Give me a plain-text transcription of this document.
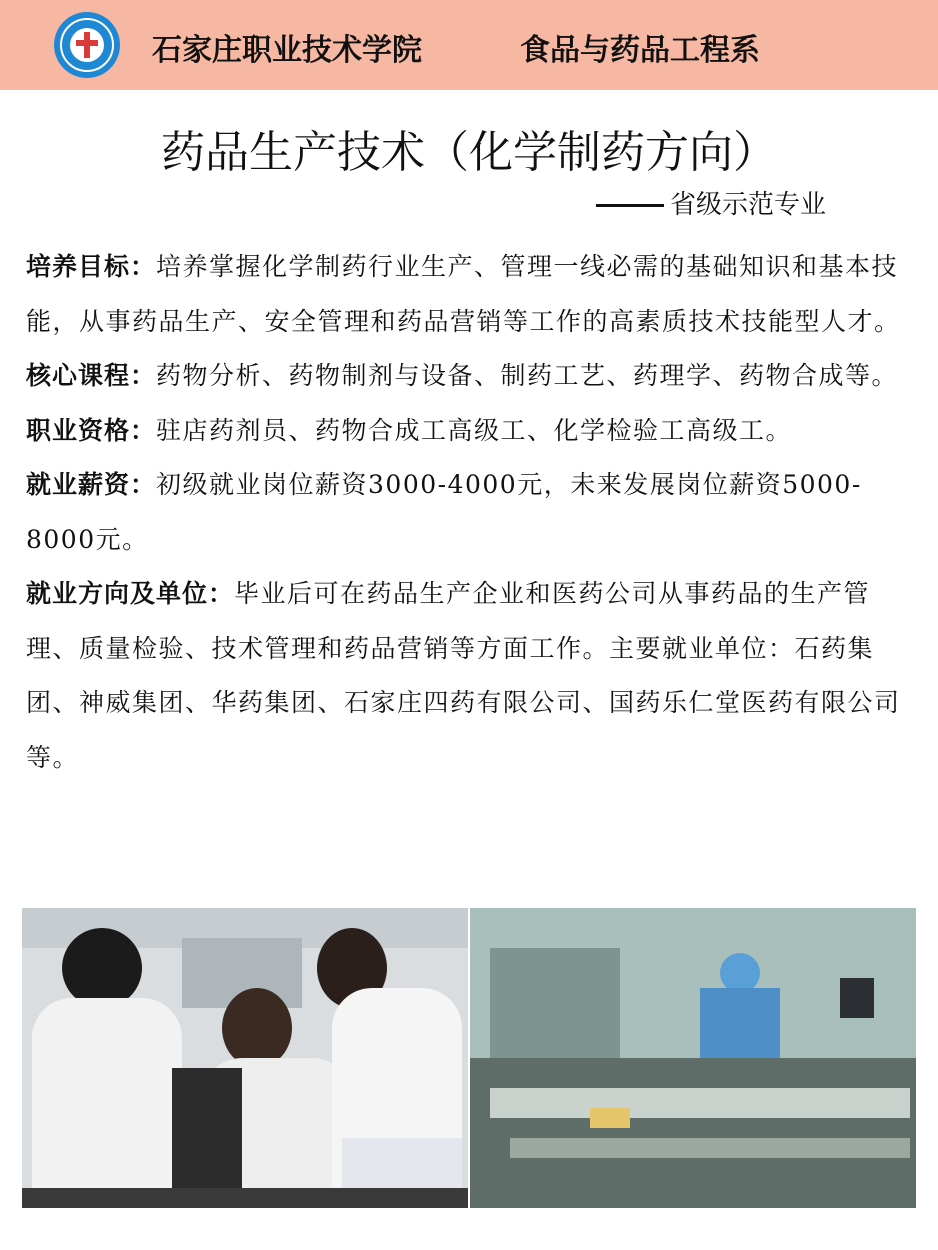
石家庄职业技术学院	食品与药品工程系
药品生产技术（化学制药方向）
省级示范专业

培养目标：培养掌握化学制药行业生产、管理一线必需的基础知识和基本技能，从事药品生产、安全管理和药品营销等工作的高素质技术技能型人才。

核心课程：药物分析、药物制剂与设备、制药工艺、药理学、药物合成等。

职业资格：驻店药剂员、药物合成工高级工、化学检验工高级工。

就业薪资：初级就业岗位薪资3000-4000元，未来发展岗位薪资5000-8000元。

就业方向及单位：毕业后可在药品生产企业和医药公司从事药品的生产管理、质量检验、技术管理和药品营销等方面工作。主要就业单位：石药集团、神威集团、华药集团、石家庄四药有限公司、国药乐仁堂医药有限公司等。
